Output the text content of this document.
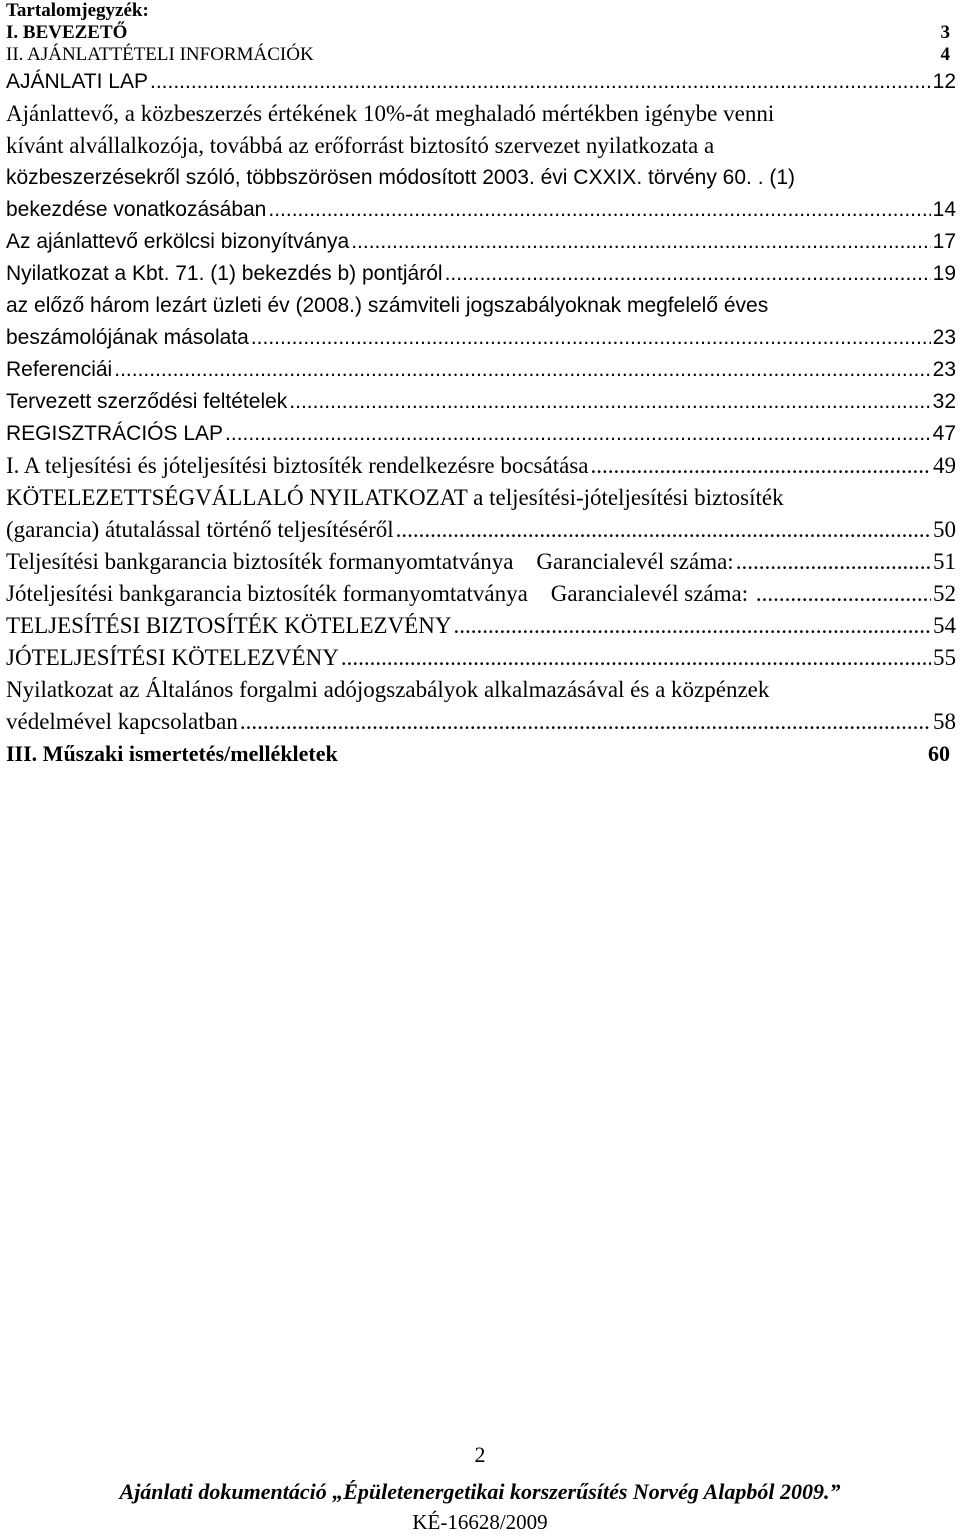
Tartalomjegyzék:

I. BEVEZETŐ	3
II. AJÁNLATTÉTELI INFORMÁCIÓK	4
AJÁNLATI LAP .....	12
Ajánlattevő, a közbeszerzés értékének 10%-át meghaladó mértékben igénybe venni
kívánt alvállalkozója, továbbá az erőforrást biztosító szervezet nyilatkozata a
közbeszerzésekről szóló, többszörösen módosított 2003. évi CXXIX. törvény 60. . (1)
bekezdése vonatkozásában .....	14
Az ajánlattevő erkölcsi bizonyítványa .....	17
Nyilatkozat a Kbt. 71. (1) bekezdés b) pontjáról .....	19
az előző három lezárt üzleti év (2008.) számviteli jogszabályoknak megfelelő éves
beszámolójának másolata .....	23
Referenciái .....	23
Tervezett szerződési feltételek .....	32
REGISZTRÁCIÓS LAP .....	47
I. A teljesítési és jóteljesítési biztosíték rendelkezésre bocsátása .....	49
KÖTELEZETTSÉGVÁLLALÓ NYILATKOZAT a teljesítési-jóteljesítési biztosíték
(garancia) átutalással történő teljesítéséről .....	50
Teljesítési bankgarancia biztosíték formanyomtatványa    Garancialevél száma: .....	51
Jóteljesítési bankgarancia biztosíték formanyomtatványa    Garancialevél száma: .....	52
TELJESÍTÉSI BIZTOSÍTÉK KÖTELEZVÉNY .....	54
JÓTELJESÍTÉSI KÖTELEZVÉNY .....	55
Nyilatkozat az Általános forgalmi adójogszabályok alkalmazásával és a közpénzek
védelmével kapcsolatban .....	58
III. Műszaki ismertetés/mellékletek	60
2
Ajánlati dokumentáció „Épületenergetikai korszerűsítés Norvég Alapból 2009.”
KÉ-16628/2009
